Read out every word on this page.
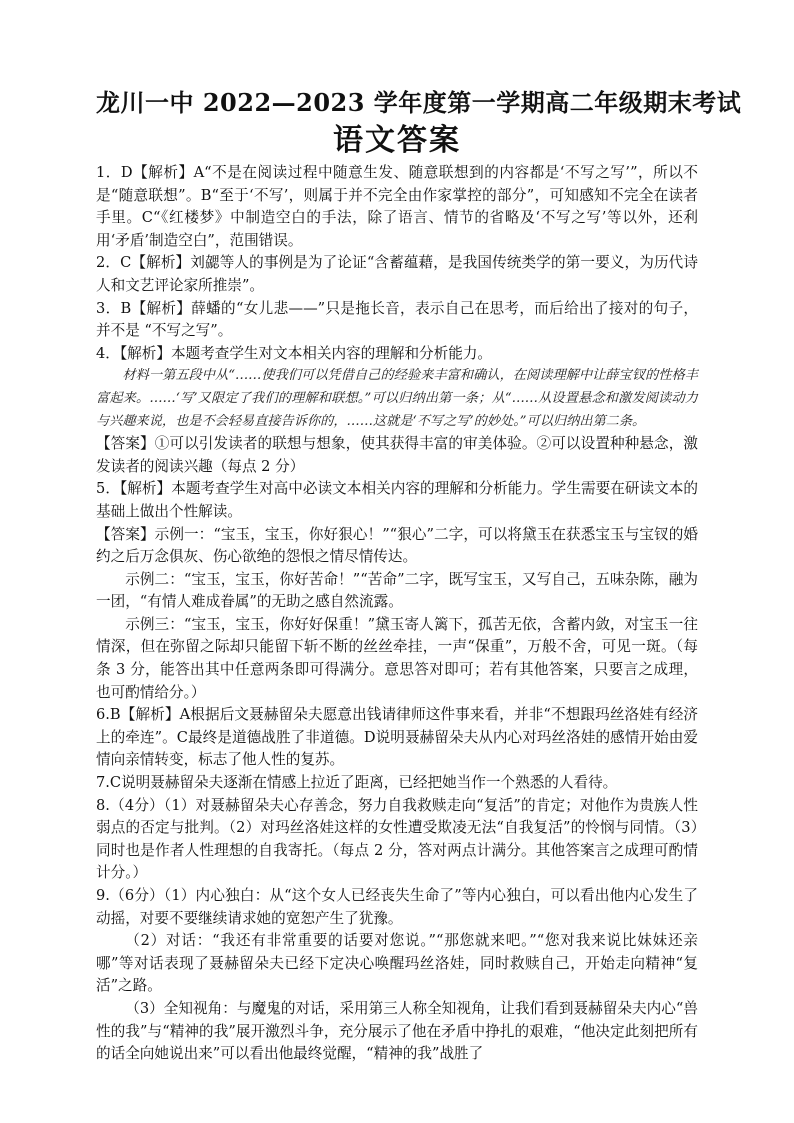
龙川一中 2022—2023 学年度第一学期高二年级期末考试
语文答案

1．D【解析】A“不是在阅读过程中随意生发、随意联想到的内容都是‘不写之写’”，所以不是“随意联想”。B“至于‘不写’，则属于并不完全由作家掌控的部分”，可知感知不完全在读者手里。C“《红楼梦》中制造空白的手法，除了语言、情节的省略及‘不写之写’等以外，还利用‘矛盾’制造空白”，范围错误。

2．C【解析】刘勰等人的事例是为了论证“含蓄蕴藉，是我国传统类学的第一要义，为历代诗人和文艺评论家所推崇”。

3．B【解析】薛蟠的“女儿悲——”只是拖长音，表示自己在思考，而后给出了接对的句子，并不是 “不写之写”。

4．【解析】本题考查学生对文本相关内容的理解和分析能力。

材料一第五段中从“……使我们可以凭借自己的经验来丰富和确认，在阅读理解中让薛宝钗的性格丰富起来。……‘写’又限定了我们的理解和联想。”可以归纳出第一条；从“……从设置悬念和激发阅读动力与兴趣来说，也是不会轻易直接告诉你的，……这就是‘不写之写’的妙处。”可以归纳出第二条。

【答案】①可以引发读者的联想与想象，使其获得丰富的审美体验。②可以设置种种悬念，激发读者的阅读兴趣（每点 2 分）

5．【解析】本题考查学生对高中必读文本相关内容的理解和分析能力。学生需要在研读文本的基础上做出个性解读。

【答案】示例一：“宝玉，宝玉，你好狠心！”“狠心”二字，可以将黛玉在获悉宝玉与宝钗的婚约之后万念俱灰、伤心欲绝的怨恨之情尽情传达。

示例二：“宝玉，宝玉，你好苦命！”“苦命”二字，既写宝玉，又写自己，五味杂陈，融为一团，“有情人难成眷属”的无助之感自然流露。

示例三：“宝玉，宝玉，你好好保重！”黛玉寄人篱下，孤苦无依，含蓄内敛，对宝玉一往情深，但在弥留之际却只能留下斩不断的丝丝牵挂，一声“保重”，万般不舍，可见一斑。（每条 3 分，能答出其中任意两条即可得满分。意思答对即可；若有其他答案，只要言之成理，也可酌情给分。）

6.B【解析】A根据后文聂赫留朵夫愿意出钱请律师这件事来看，并非“不想跟玛丝洛娃有经济上的牵连”。C最终是道德战胜了非道德。D说明聂赫留朵夫从内心对玛丝洛娃的感情开始由爱情向亲情转变，标志了他人性的复苏。

7.C说明聂赫留朵夫逐渐在情感上拉近了距离，已经把她当作一个熟悉的人看待。

8.（4分）（1）对聂赫留朵夫心存善念，努力自我救赎走向“复活”的肯定；对他作为贵族人性弱点的否定与批判。（2）对玛丝洛娃这样的女性遭受欺凌无法“自我复活”的怜悯与同情。（3）同时也是作者人性理想的自我寄托。（每点 2 分，答对两点计满分。其他答案言之成理可酌情计分。）

9.（6分）（1）内心独白：从“这个女人已经丧失生命了”等内心独白，可以看出他内心发生了动摇，对要不要继续请求她的宽恕产生了犹豫。

（2）对话：“我还有非常重要的话要对您说。”“那您就来吧。”“您对我来说比妹妹还亲哪”等对话表现了聂赫留朵夫已经下定决心唤醒玛丝洛娃，同时救赎自己，开始走向精神“复活”之路。

（3）全知视角：与魔鬼的对话，采用第三人称全知视角，让我们看到聂赫留朵夫内心“兽性的我”与“精神的我”展开激烈斗争，充分展示了他在矛盾中挣扎的艰难，“他决定此刻把所有的话全向她说出来”可以看出他最终觉醒，“精神的我”战胜了
